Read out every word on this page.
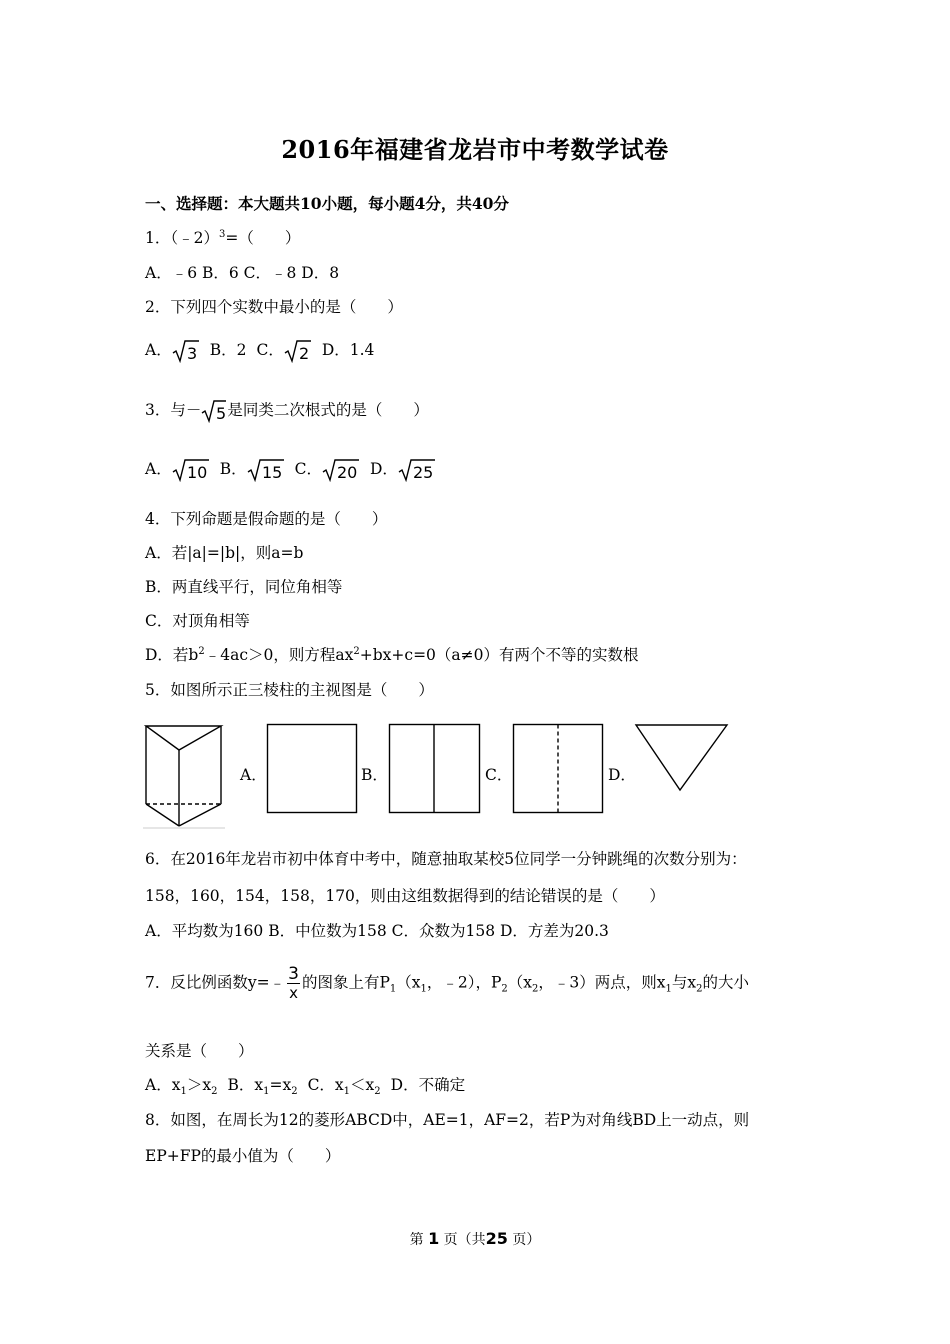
2016年福建省龙岩市中考数学试卷
一、选择题：本大题共10小题，每小题4分，共40分
1．（﹣2）$^3$=（　　）
A．﹣6 B．6 C．﹣8 D．8
2．下列四个实数中最小的是（　　）
A． 3 B．2 C． 2 D．1.4
3．与－ 5 是同类二次根式的是（　　）
A． 10 B． 15 C． 20 D． 25
4．下列命题是假命题的是（　　）
A．若|a|=|b|，则a=b
B．两直线平行，同位角相等
C．对顶角相等
D．若$b^2﹣4ac>0$，则方程$ax^2+bx+c=0(a\ne 0)$有两个不等的实数根
5．如图所示正三棱柱的主视图是（　　）
A．	B．	C．	D．
6．在2016年龙岩市初中体育中考中，随意抽取某校5位同学一分钟跳绳的次数分别为：
158，160，154，158，170，则由这组数据得到的结论错误的是（　　）
A．平均数为160 B．中位数为158 C．众数为158 D．方差为20.3
7．反比例函数y=﹣ $\frac{3}{x}$ 的图象上有$P_1(x_1$，﹣2），$P_2(x_2$，﹣3）两点，则$x_1$与$x_2$的大小
关系是（　　）
A．$x_1>x_2$ B．$x_1=x_2$ C．$x_1<x_2$ D．不确定
8．如图，在周长为12的菱形ABCD中，AE=1，AF=2，若P为对角线BD上一动点，则
EP+FP的最小值为（　　）
第 1 页（共25 页）
